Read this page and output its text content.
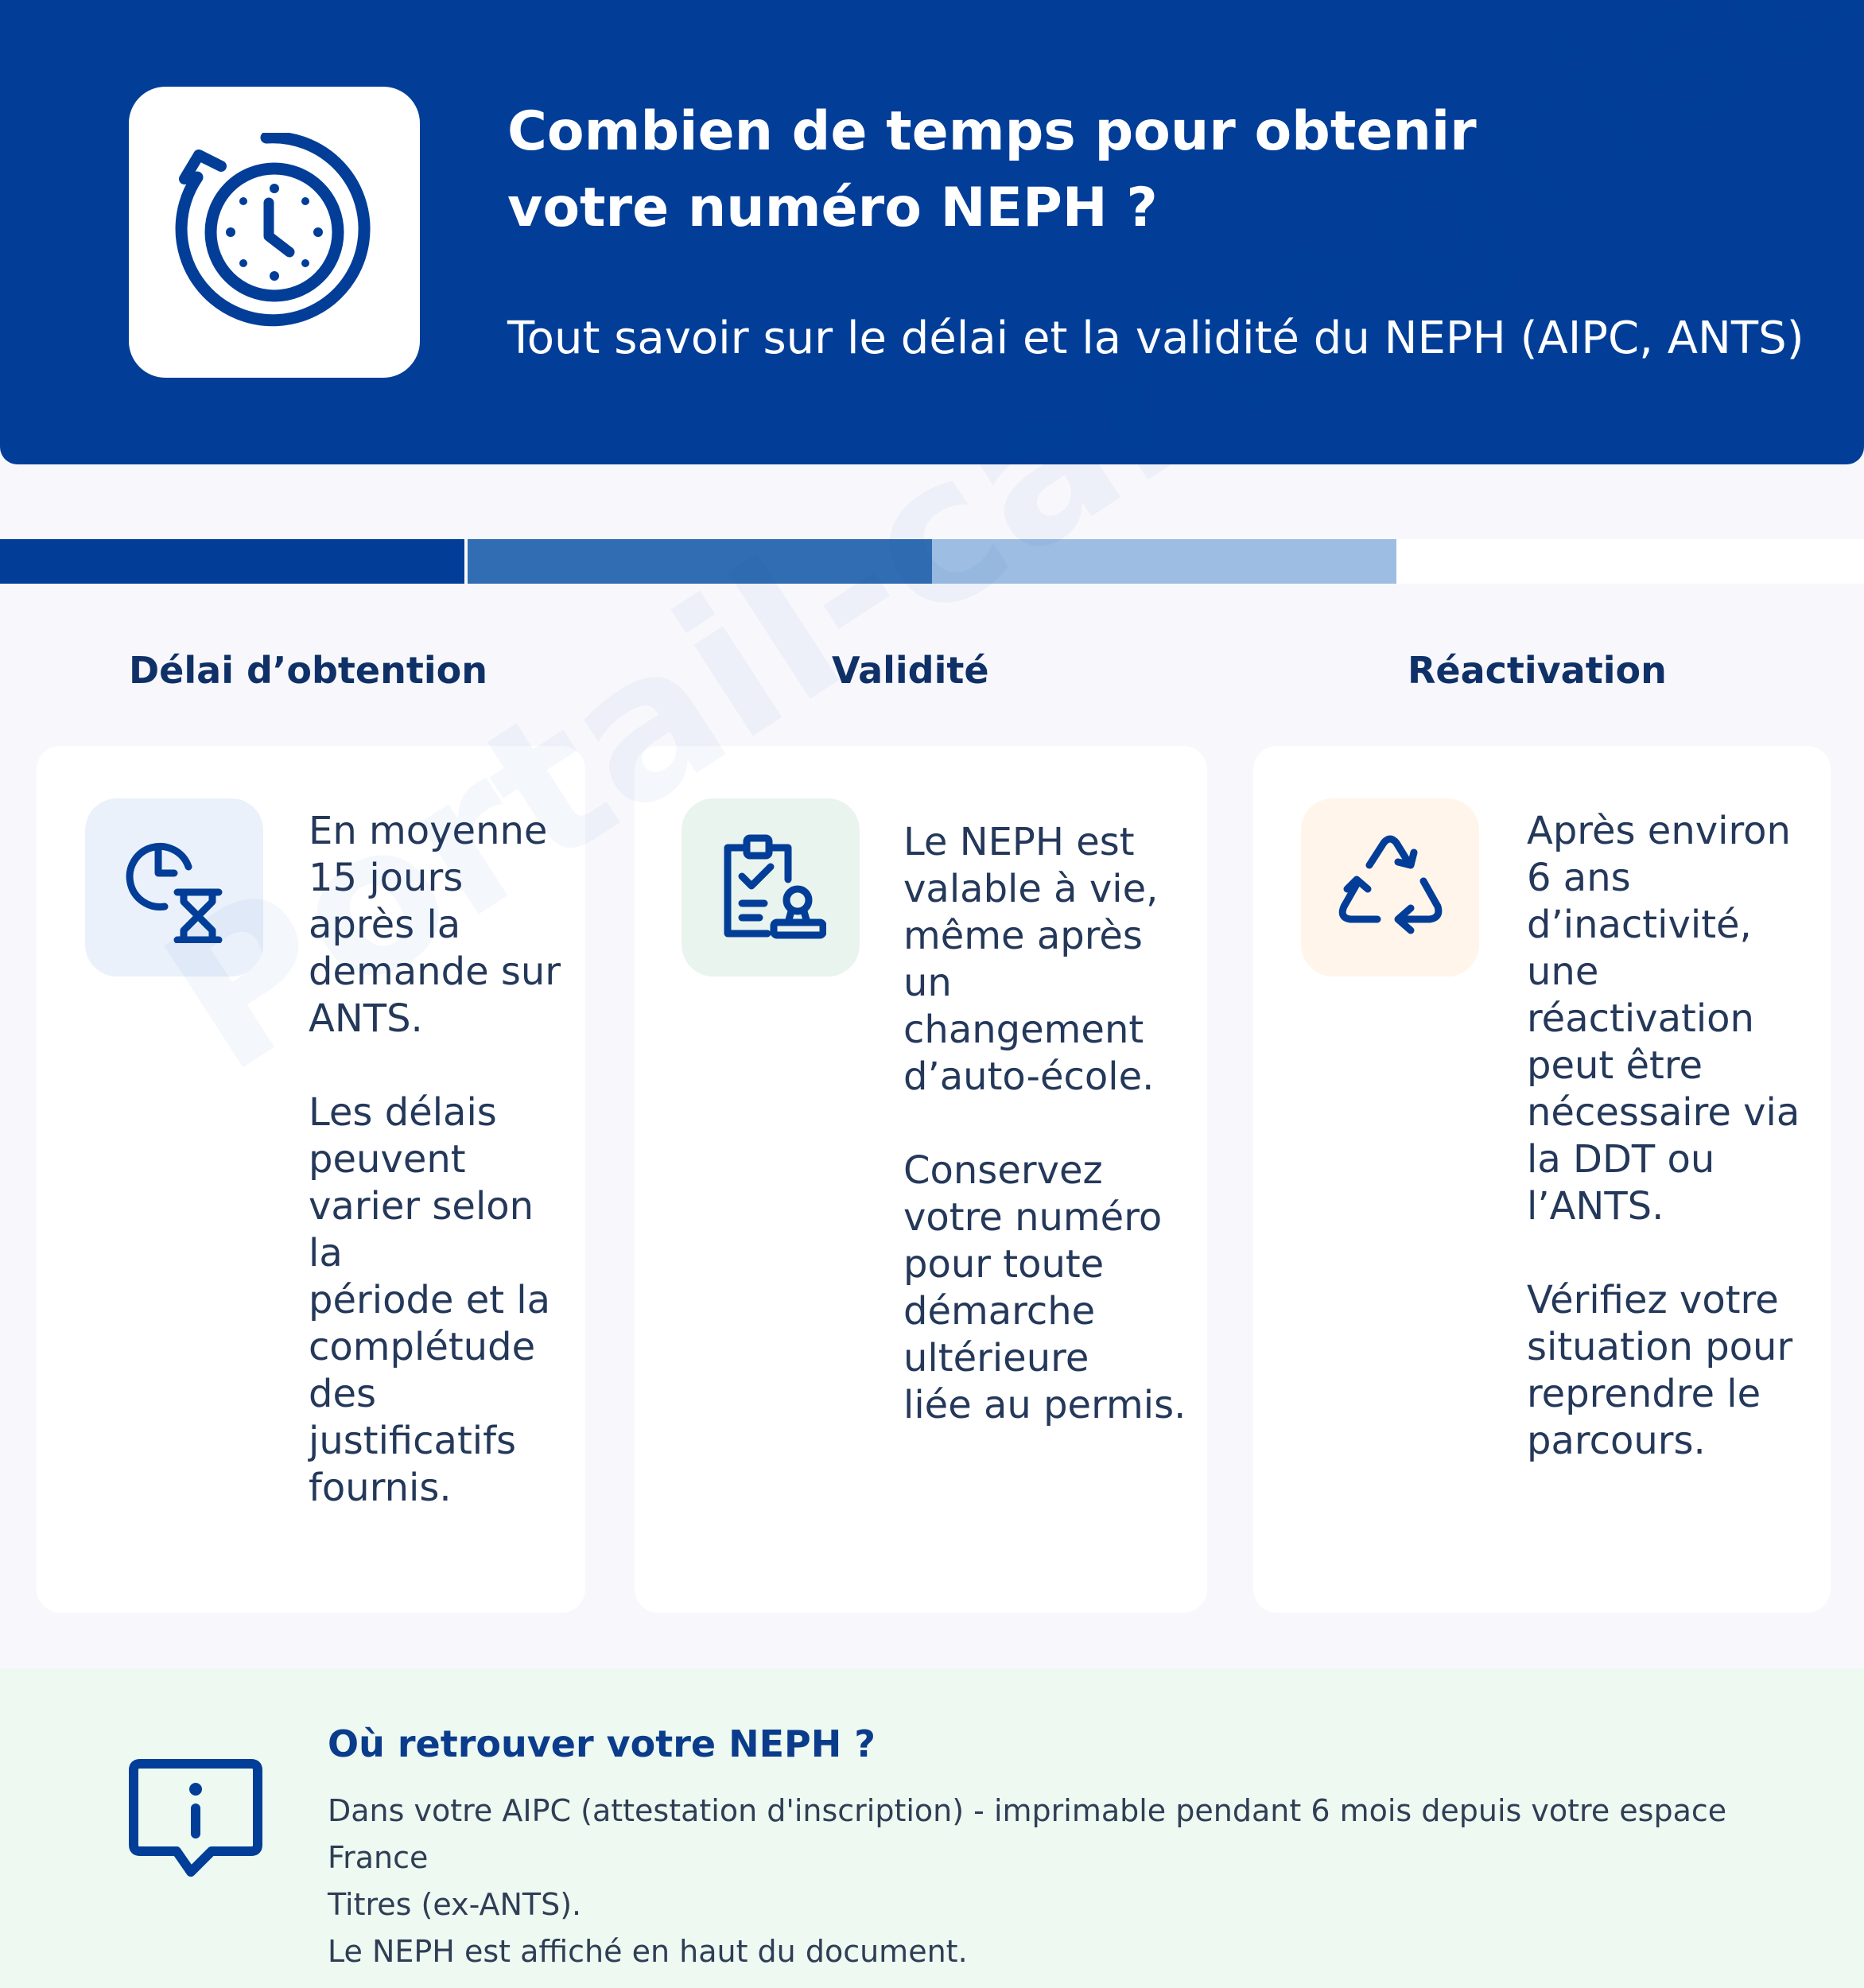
Combien de temps pour obtenir
votre numéro NEPH ?

Tout savoir sur le délai et la validité du NEPH (AIPC, ANTS)

Délai d’obtention	Validité	Réactivation

En moyenne
15 jours
après la
demande sur
ANTS.

Les délais
peuvent
varier selon la
période et la
complétude
des
justificatifs
fournis.

Le NEPH est
valable à vie,
même après
un
changement
d’auto-école.

Conservez
votre numéro
pour toute
démarche
ultérieure
liée au permis.

Après environ
6 ans
d’inactivité,
une
réactivation
peut être
nécessaire via
la DDT ou
l’ANTS.

Vérifiez votre
situation pour
reprendre le
parcours.

Où retrouver votre NEPH ?

Dans votre AIPC (attestation d'inscription) - imprimable pendant 6 mois depuis votre espace France

Titres (ex-ANTS).

Le NEPH est affiché en haut du document.
